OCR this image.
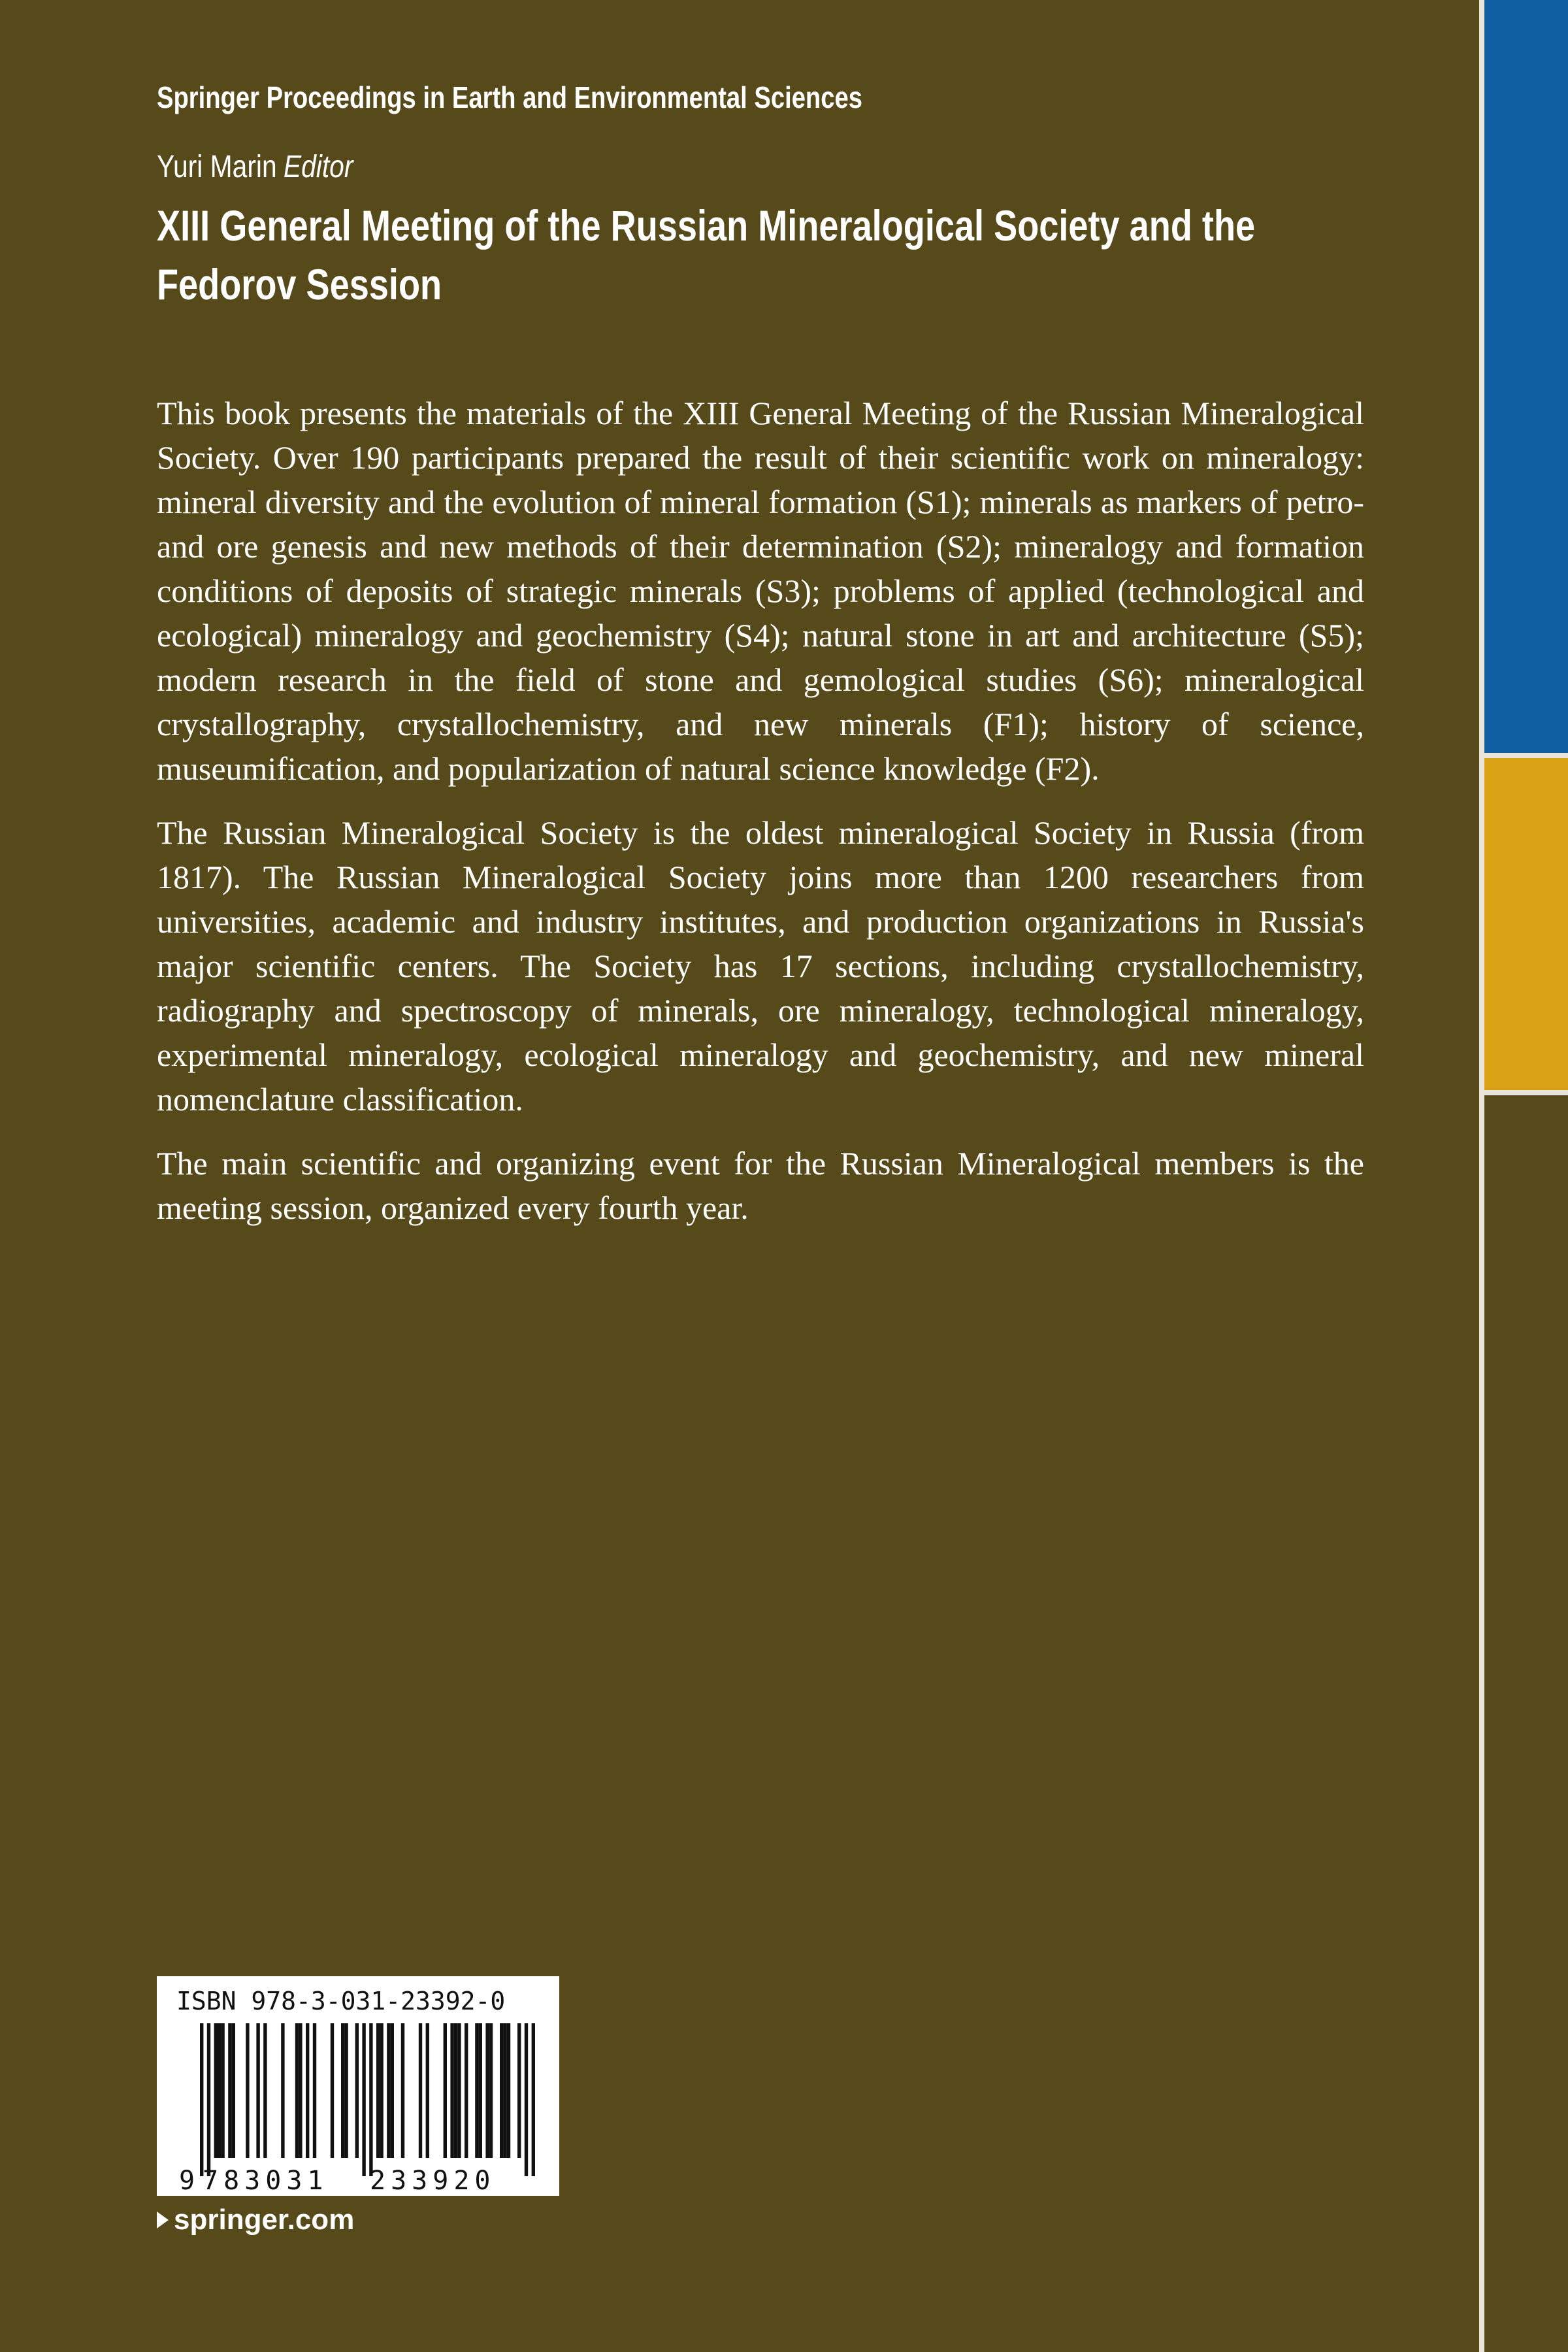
Springer Proceedings in Earth and Environmental Sciences
Yuri Marin Editor
XIII General Meeting of the Russian Mineralogical Society and the Fedorov Session

This book presents the materials of the XIII General Meeting of the Russian Mineralogical Society. Over 190 participants prepared the result of their scientific work on mineralogy: mineral diversity and the evolution of mineral formation (S1); minerals as markers of petro- and ore genesis and new methods of their determination (S2); mineralogy and formation conditions of deposits of strategic minerals (S3); problems of applied (technological and ecological) mineralogy and geochemistry (S4); natural stone in art and architecture (S5); modern research in the field of stone and gemological studies (S6); mineralogical crystallography, crystallochemistry, and new minerals (F1); history of science, museumification, and popularization of natural science knowledge (F2).

The Russian Mineralogical Society is the oldest mineralogical Society in Russia (from 1817). The Russian Mineralogical Society joins more than 1200 researchers from universities, academic and industry institutes, and production organizations in Russia's major scientific centers. The Society has 17 sections, including crystallochemistry, radiography and spectroscopy of minerals, ore mineralogy, technological mineralogy, experimental mineralogy, ecological mineralogy and geochemistry, and new mineral nomenclature classification.

The main scientific and organizing event for the Russian Mineralogical members is the meeting session, organized every fourth year.

ISBN 978-3-031-23392-0
9 783031 233920
springer.com
